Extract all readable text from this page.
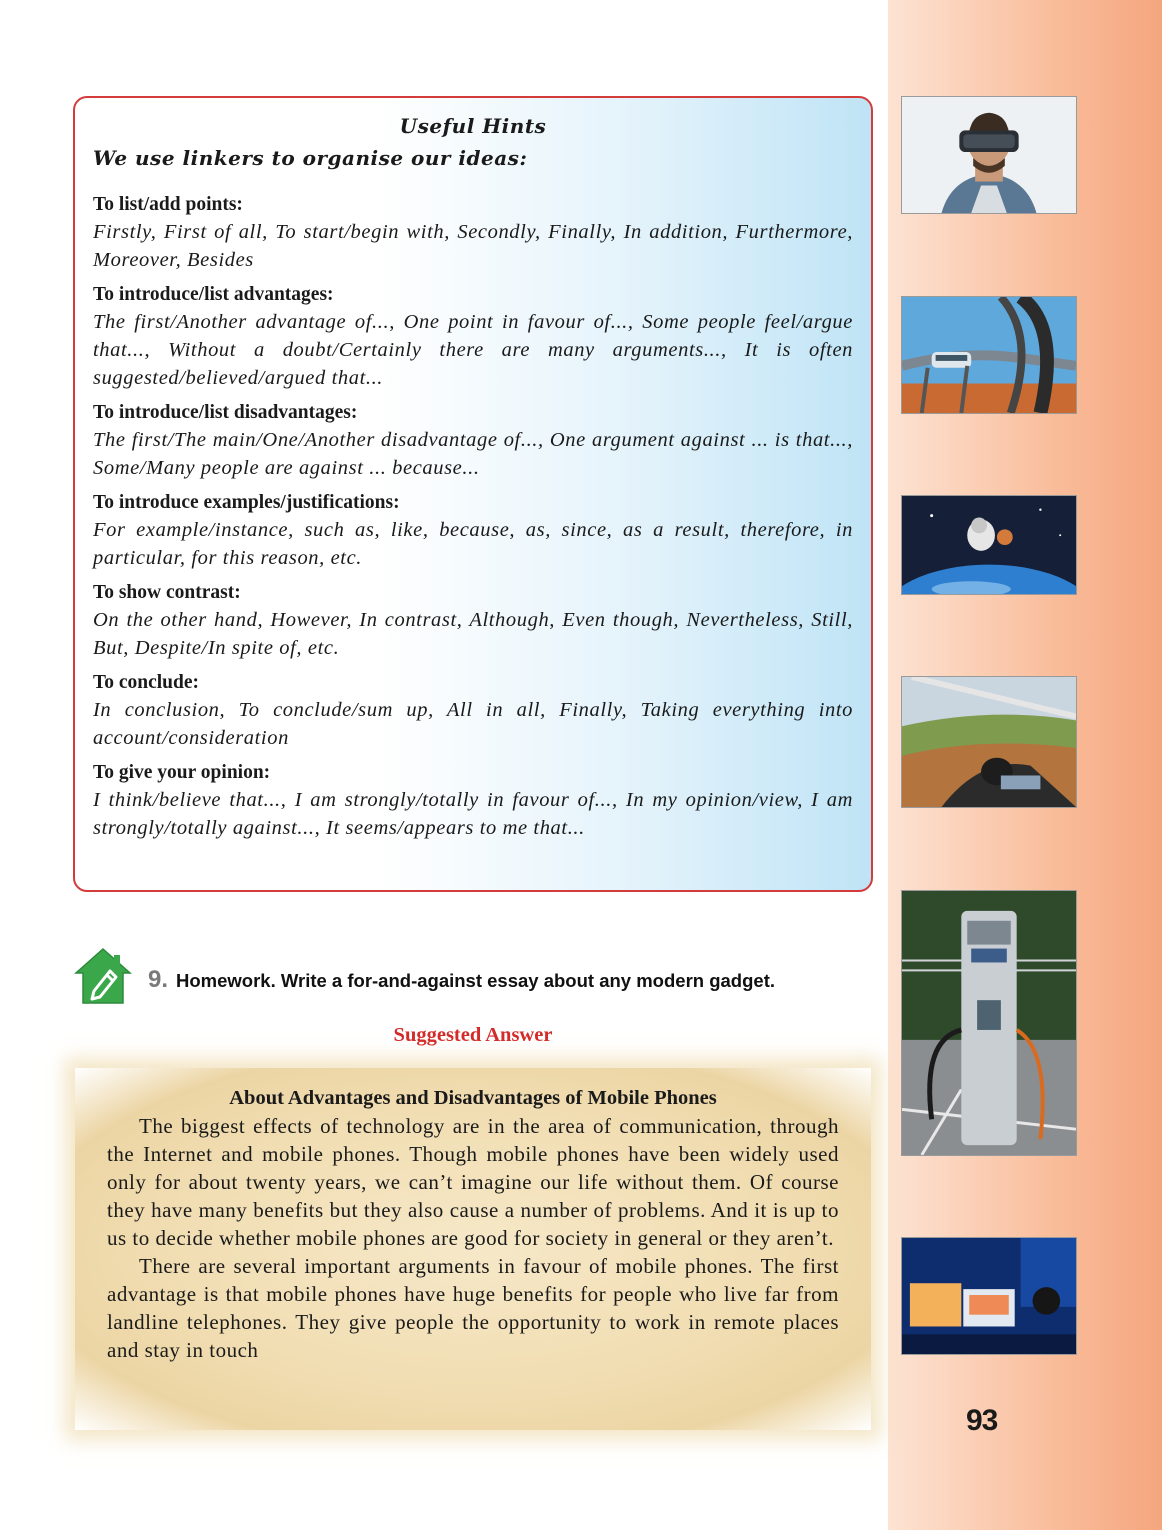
93
Useful Hints
We use linkers to organise our ideas:
To list/add points:
Firstly, First of all, To start/begin with, Secondly, Finally, In addition, Furthermore, Moreover, Besides
To introduce/list advantages:
The first/Another advantage of..., One point in favour of..., Some people feel/argue that..., Without a doubt/Certainly there are many arguments..., It is often suggested/believed/argued that...
To introduce/list disadvantages:
The first/The main/One/Another disadvantage of..., One argument against ... is that..., Some/Many people are against ... because...
To introduce examples/justifications:
For example/instance, such as, like, because, as, since, as a result, therefore, in particular, for this reason, etc.
To show contrast:
On the other hand, However, In contrast, Although, Even though, Nevertheless, Still, But, Despite/In spite of, etc.
To conclude:
In conclusion, To conclude/sum up, All in all, Finally, Taking everything into account/consideration
To give your opinion:
I think/believe that..., I am strongly/totally in favour of..., In my opinion/view, I am strongly/totally against..., It seems/appears to me that...
9. Homework. Write a for-and-against essay about any modern gadget.
Suggested Answer
About Advantages and Disadvantages of Mobile Phones

The biggest effects of technology are in the area of communication, through the Internet and mobile phones. Though mobile phones have been widely used only for about twenty years, we can’t imagine our life without them. Of course they have many benefits but they also cause a number of problems. And it is up to us to decide whether mobile phones are good for society in general or they aren’t.

There are several important arguments in favour of mobile phones. The first advantage is that mobile phones have huge benefits for people who live far from landline telephones. They give people the opportunity to work in remote places and stay in touch
